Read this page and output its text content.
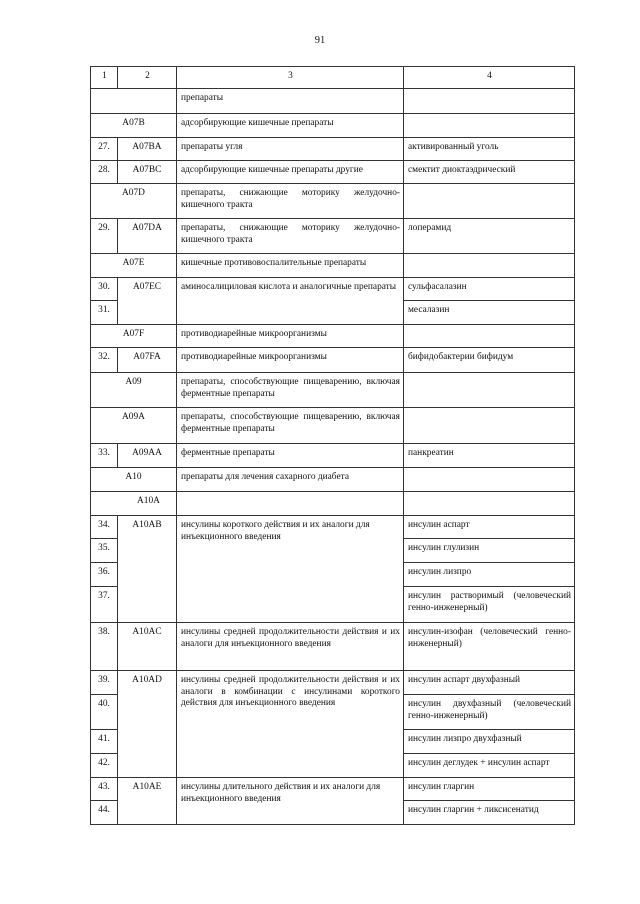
91
1	2	3	4
		препараты	
A07B		адсорбирующие кишечные препараты	
27.	A07BA	препараты угля	активированный уголь
28.	A07BC	адсорбирующие кишечные препараты другие	смектит диоктаэдрический
A07D		препараты, снижающие моторику желудочно-кишечного тракта	
29.	A07DA	препараты, снижающие моторику желудочно-кишечного тракта	лоперамид
A07E		кишечные противовоспалительные препараты	
30.	A07EC	аминосалициловая кислота и аналогичные препараты	сульфасалазин
31.			месалазин
A07F		противодиарейные микроорганизмы	
32.	A07FA	противодиарейные микроорганизмы	бифидобактерии бифидум
A09		препараты, способствующие пищеварению, включая ферментные препараты	
A09A		препараты, способствующие пищеварению, включая ферментные препараты	
33.	A09AA	ферментные препараты	панкреатин
A10		препараты для лечения сахарного диабета	
A10A			
34.	A10AB	инсулины короткого действия и их аналоги для инъекционного введения	инсулин аспарт
35.			инсулин глулизин
36.			инсулин лизпро
37.			инсулин растворимый (человеческий генно-инженерный)
38.	A10AC	инсулины средней продолжительности действия и их аналоги для инъекционного введения	инсулин-изофан (человеческий генно-инженерный)
39.	A10AD	инсулины средней продолжительности действия и их аналоги в комбинации с инсулинами короткого действия для инъекционного введения	инсулин аспарт двухфазный
40.			инсулин двухфазный (человеческий генно-инженерный)
41.			инсулин лизпро двухфазный
42.			инсулин деглудек + инсулин аспарт
43.	A10AE	инсулины длительного действия и их аналоги для инъекционного введения	инсулин гларгин
44.			инсулин гларгин + ликсисенатид
